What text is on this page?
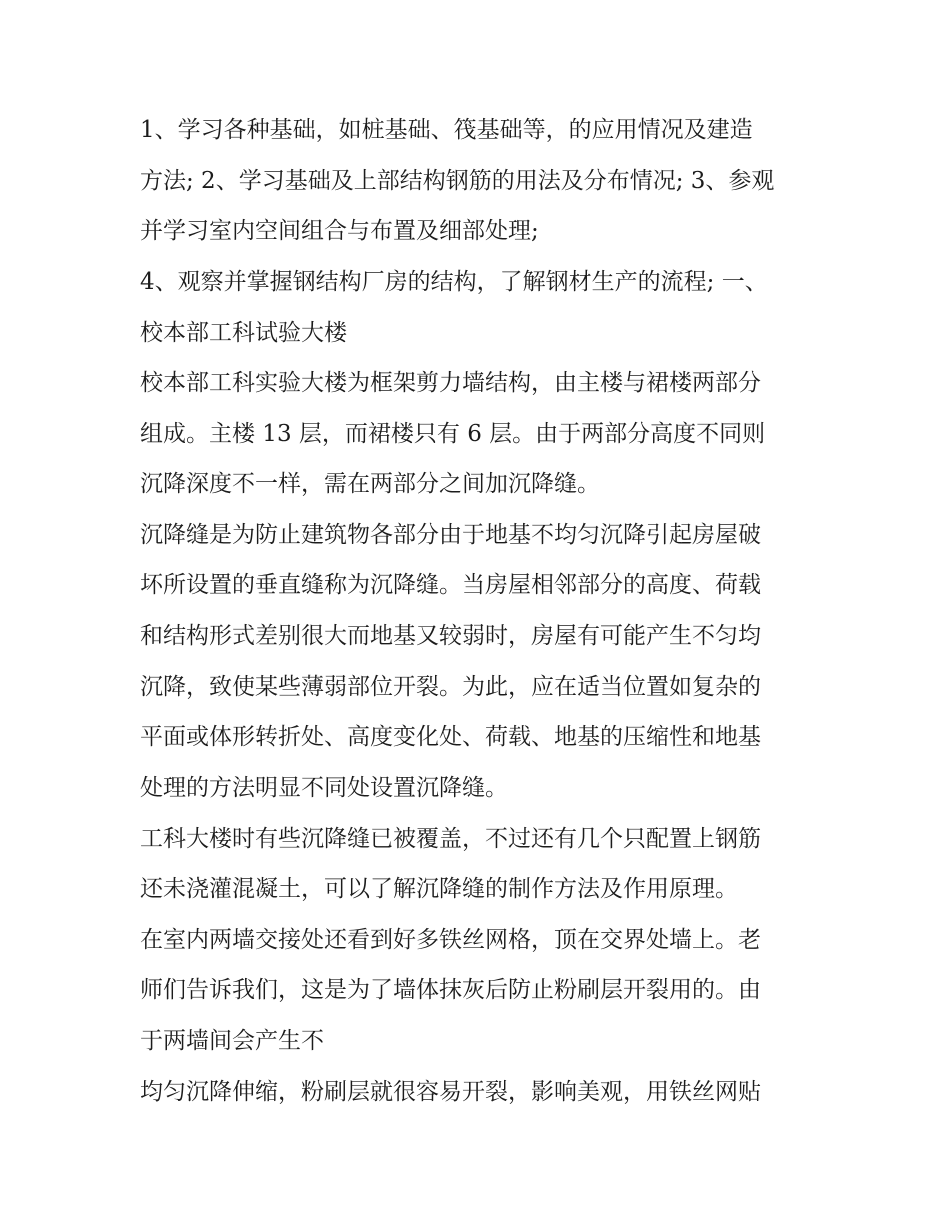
1、学习各种基础，如桩基础、筏基础等，的应用情况及建造
方法; 2、学习基础及上部结构钢筋的用法及分布情况; 3、参观
并学习室内空间组合与布置及细部处理;
4、观察并掌握钢结构厂房的结构，了解钢材生产的流程; 一、
校本部工科试验大楼
校本部工科实验大楼为框架剪力墙结构，由主楼与裙楼两部分
组成。主楼 13 层，而裙楼只有 6 层。由于两部分高度不同则
沉降深度不一样，需在两部分之间加沉降缝。
沉降缝是为防止建筑物各部分由于地基不均匀沉降引起房屋破
坏所设置的垂直缝称为沉降缝。当房屋相邻部分的高度、荷载
和结构形式差别很大而地基又较弱时，房屋有可能产生不匀均
沉降，致使某些薄弱部位开裂。为此，应在适当位置如复杂的
平面或体形转折处、高度变化处、荷载、地基的压缩性和地基
处理的方法明显不同处设置沉降缝。
工科大楼时有些沉降缝已被覆盖，不过还有几个只配置上钢筋
还未浇灌混凝土，可以了解沉降缝的制作方法及作用原理。
在室内两墙交接处还看到好多铁丝网格，顶在交界处墙上。老
师们告诉我们，这是为了墙体抹灰后防止粉刷层开裂用的。由
于两墙间会产生不
均匀沉降伸缩，粉刷层就很容易开裂，影响美观，用铁丝网贴
